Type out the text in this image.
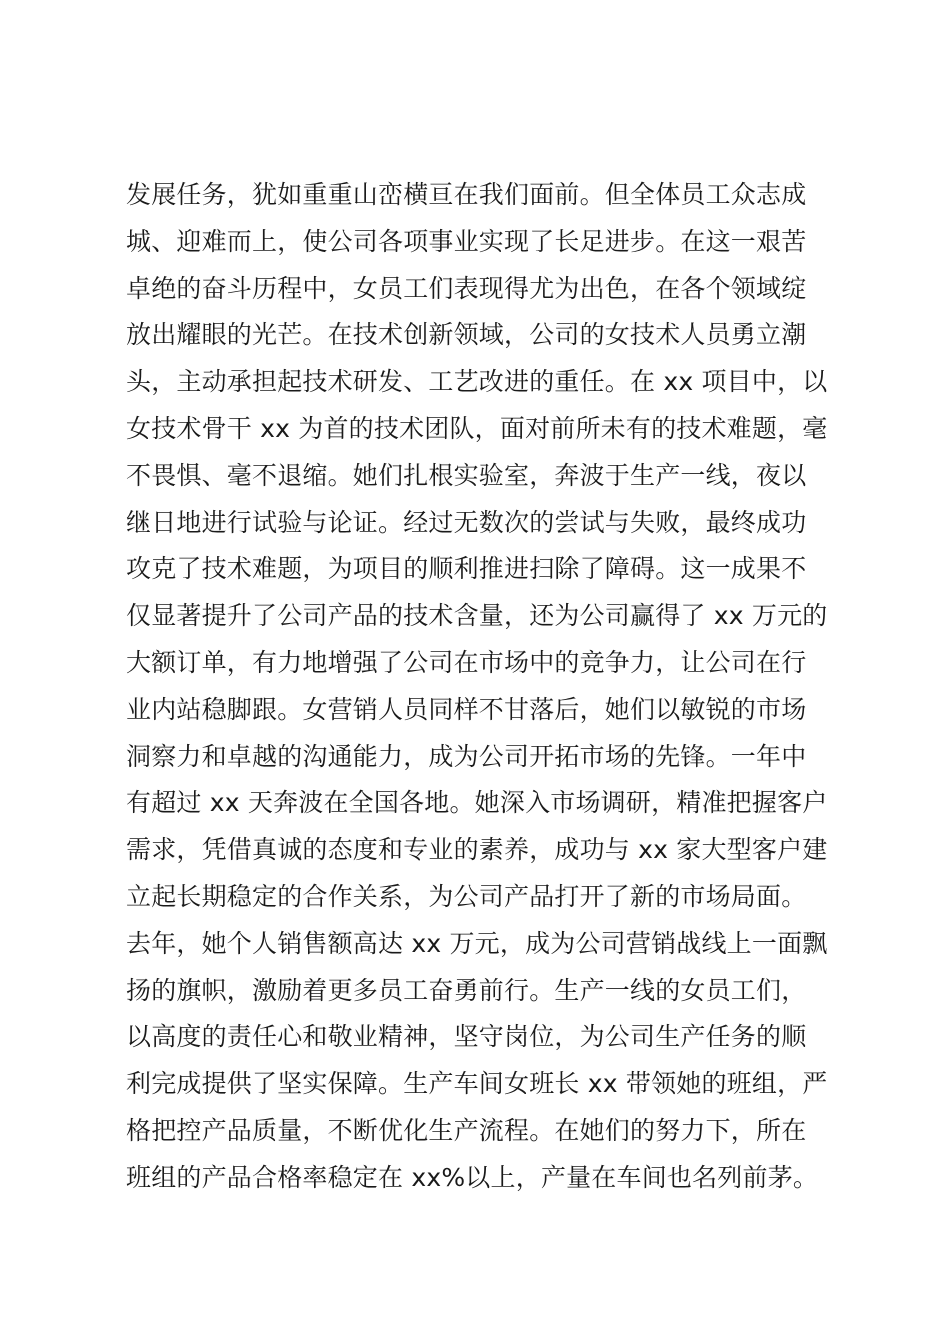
发展任务，犹如重重山峦横亘在我们面前。但全体员工众志成
城、迎难而上，使公司各项事业实现了长足进步。在这一艰苦
卓绝的奋斗历程中，女员工们表现得尤为出色，在各个领域绽
放出耀眼的光芒。在技术创新领域，公司的女技术人员勇立潮
头，主动承担起技术研发、工艺改进的重任。在 xx 项目中，以
女技术骨干 xx 为首的技术团队，面对前所未有的技术难题，毫
不畏惧、毫不退缩。她们扎根实验室，奔波于生产一线，夜以
继日地进行试验与论证。经过无数次的尝试与失败，最终成功
攻克了技术难题，为项目的顺利推进扫除了障碍。这一成果不
仅显著提升了公司产品的技术含量，还为公司赢得了 xx 万元的
大额订单，有力地增强了公司在市场中的竞争力，让公司在行
业内站稳脚跟。女营销人员同样不甘落后，她们以敏锐的市场
洞察力和卓越的沟通能力，成为公司开拓市场的先锋。一年中
有超过 xx 天奔波在全国各地。她深入市场调研，精准把握客户
需求，凭借真诚的态度和专业的素养，成功与 xx 家大型客户建
立起长期稳定的合作关系，为公司产品打开了新的市场局面。
去年，她个人销售额高达 xx 万元，成为公司营销战线上一面飘
扬的旗帜，激励着更多员工奋勇前行。生产一线的女员工们，
以高度的责任心和敬业精神，坚守岗位，为公司生产任务的顺
利完成提供了坚实保障。生产车间女班长 xx 带领她的班组，严
格把控产品质量，不断优化生产流程。在她们的努力下，所在
班组的产品合格率稳定在 xx%以上，产量在车间也名列前茅。
